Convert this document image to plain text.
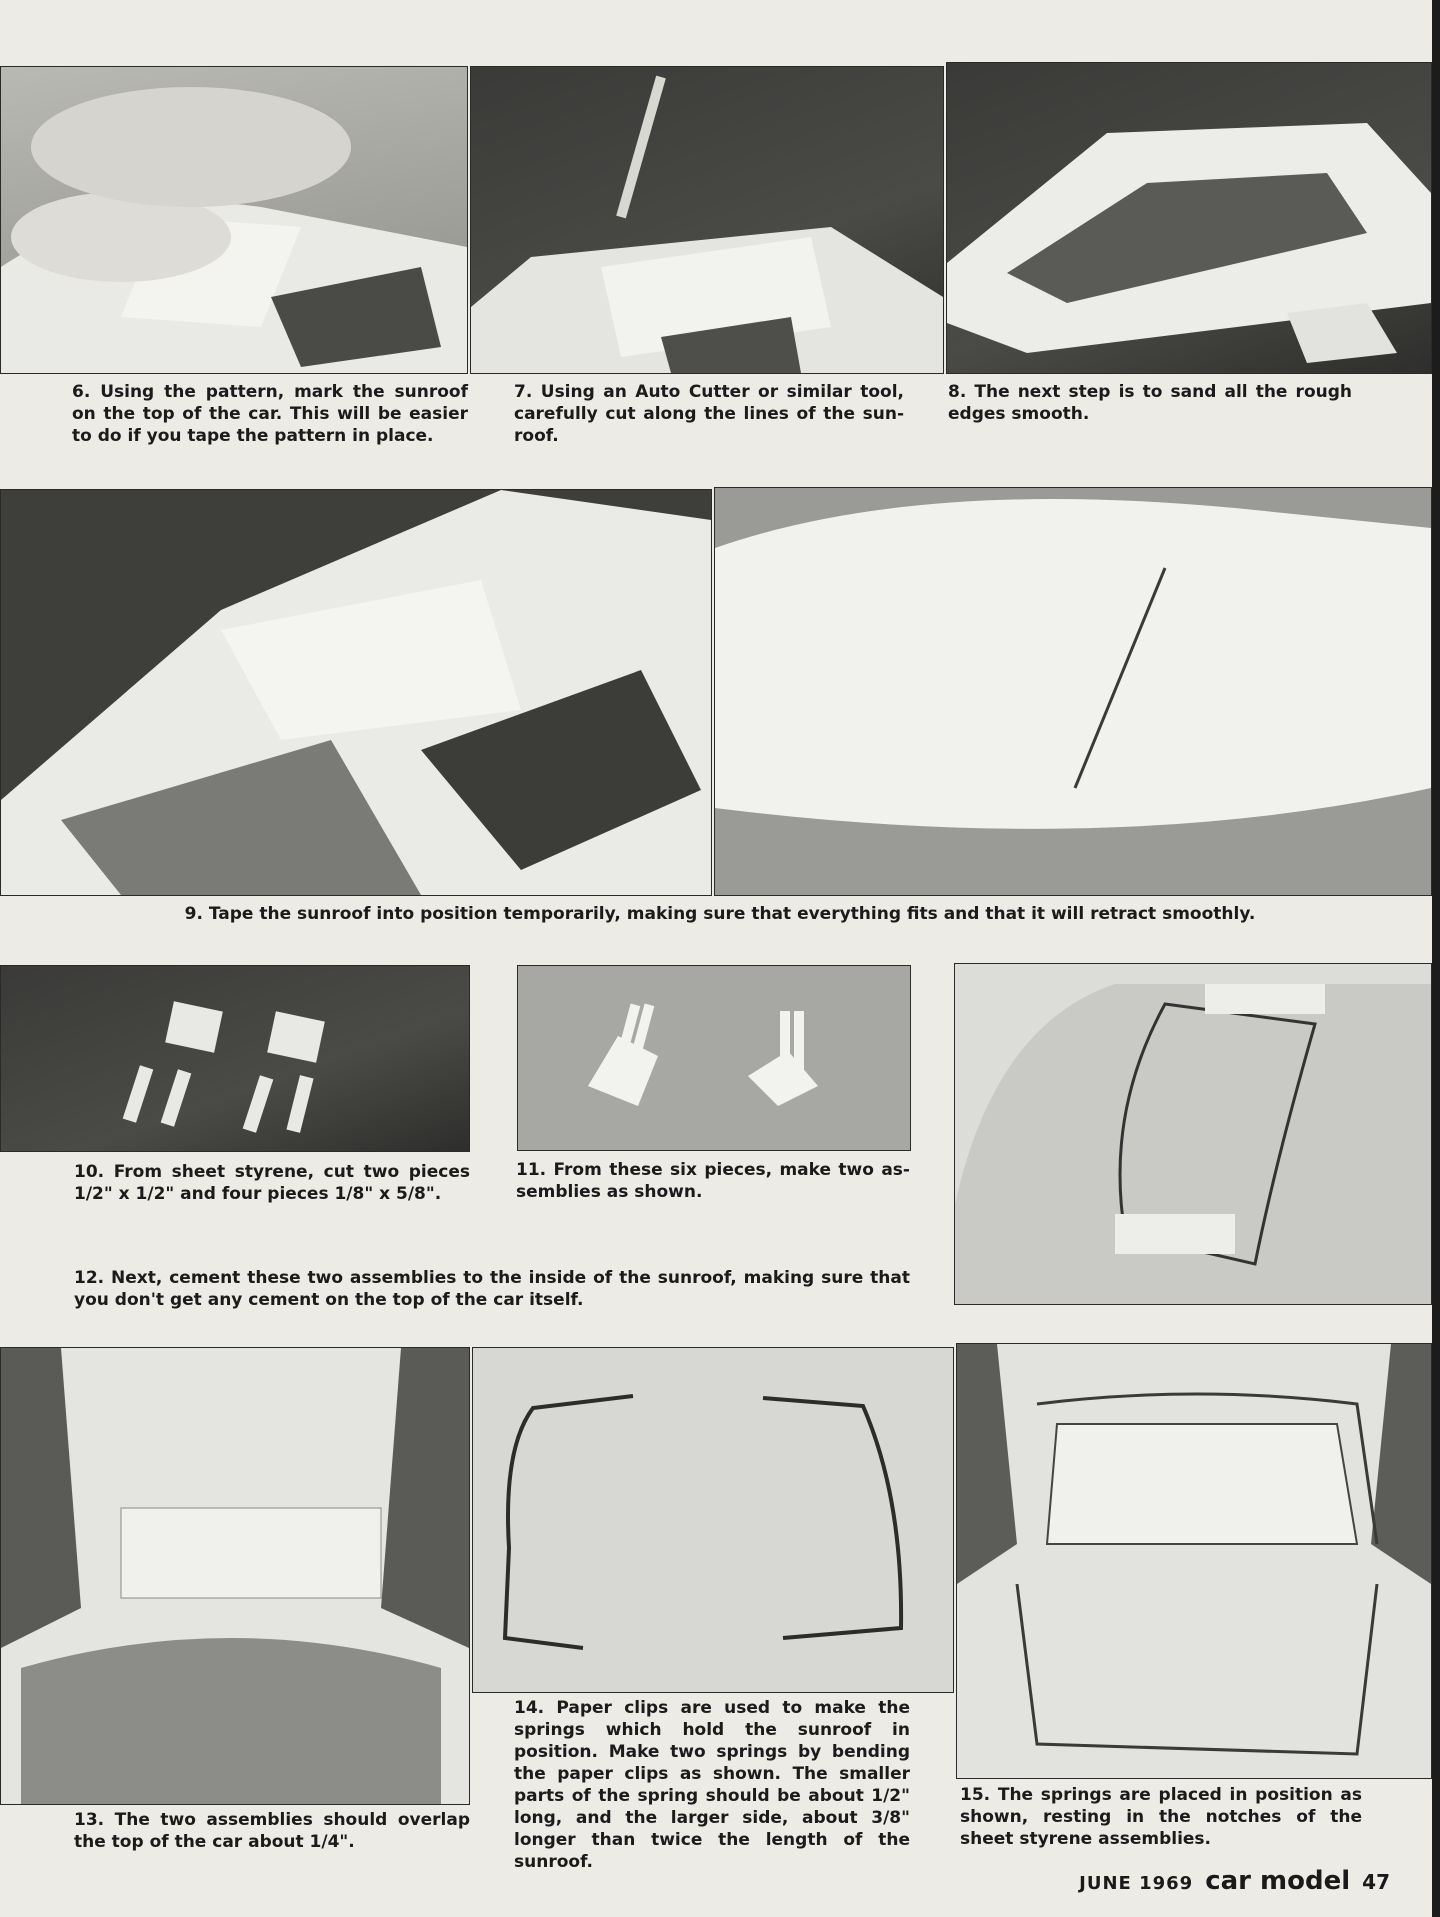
6. Using the pattern, mark the sunroof on the top of the car. This will be easier to do if you tape the pattern in place.

7. Using an Auto Cutter or similar tool, carefully cut along the lines of the sun-roof.

8. The next step is to sand all the rough edges smooth.

9. Tape the sunroof into position temporarily, making sure that everything fits and that it will retract smoothly.

10. From sheet styrene, cut two pieces 1/2" x 1/2" and four pieces 1/8" x 5/8".

11. From these six pieces, make two as-semblies as shown.

12. Next, cement these two assemblies to the inside of the sunroof, making sure that you don't get any cement on the top of the car itself.

13. The two assemblies should overlap the top of the car about 1/4".

14. Paper clips are used to make the springs which hold the sunroof in position. Make two springs by bending the paper clips as shown. The smaller parts of the spring should be about 1/2" long, and the larger side, about 3/8" longer than twice the length of the sunroof.

15. The springs are placed in position as shown, resting in the notches of the sheet styrene assemblies.

JUNE 1969 car model 47
